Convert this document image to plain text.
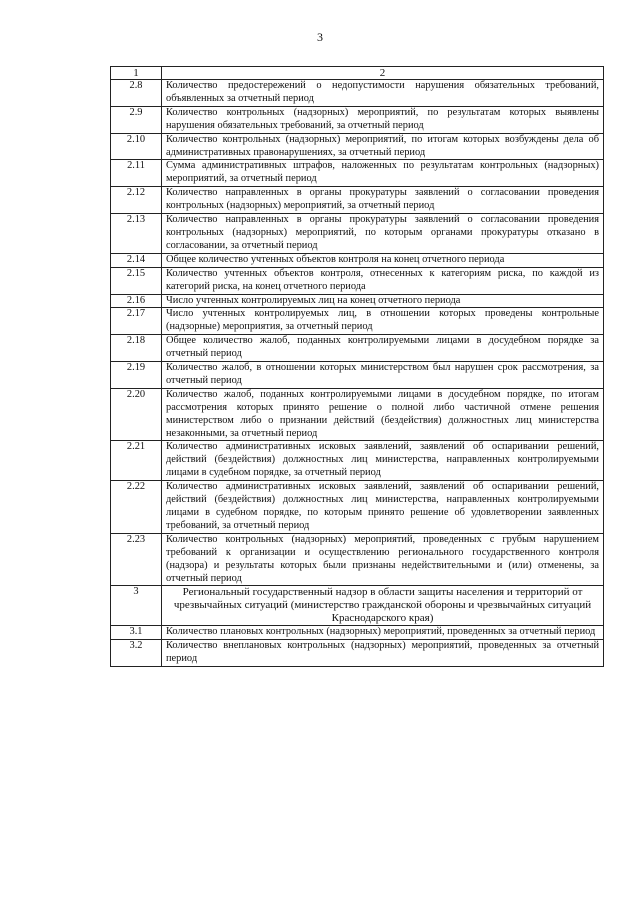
3
1	2
2.8	Количество предостережений о недопустимости нарушения обязательных требований, объявленных за отчетный период
2.9	Количество контрольных (надзорных) мероприятий, по результатам которых выявлены нарушения обязательных требований, за отчетный период
2.10	Количество контрольных (надзорных) мероприятий, по итогам которых возбуждены дела об административных правонарушениях, за отчетный период
2.11	Сумма административных штрафов, наложенных по результатам контрольных (надзорных) мероприятий, за отчетный период
2.12	Количество направленных в органы прокуратуры заявлений о согласовании проведения контрольных (надзорных) мероприятий, за отчетный период
2.13	Количество направленных в органы прокуратуры заявлений о согласовании проведения контрольных (надзорных) мероприятий, по которым органами прокуратуры отказано в согласовании, за отчетный период
2.14	Общее количество учтенных объектов контроля на конец отчетного периода
2.15	Количество учтенных объектов контроля, отнесенных к категориям риска, по каждой из категорий риска, на конец отчетного периода
2.16	Число учтенных контролируемых лиц на конец отчетного периода
2.17	Число учтенных контролируемых лиц, в отношении которых проведены контрольные (надзорные) мероприятия, за отчетный период
2.18	Общее количество жалоб, поданных контролируемыми лицами в досудебном порядке за отчетный период
2.19	Количество жалоб, в отношении которых министерством был нарушен срок рассмотрения, за отчетный период
2.20	Количество жалоб, поданных контролируемыми лицами в досудебном порядке, по итогам рассмотрения которых принято решение о полной либо частичной отмене решения министерством либо о признании действий (бездействия) должностных лиц министерства незаконными, за отчетный период
2.21	Количество административных исковых заявлений, заявлений об оспаривании решений, действий (бездействия) должностных лиц министерства, направленных контролируемыми лицами в судебном порядке, за отчетный период
2.22	Количество административных исковых заявлений, заявлений об оспаривании решений, действий (бездействия) должностных лиц министерства, направленных контролируемыми лицами в судебном порядке, по которым принято решение об удовлетворении заявленных требований, за отчетный период
2.23	Количество контрольных (надзорных) мероприятий, проведенных с грубым нарушением требований к организации и осуществлению регионального государственного контроля (надзора) и результаты которых были признаны недействительными и (или) отменены, за отчетный период
3	Региональный государственный надзор в области защиты населения и территорий от чрезвычайных ситуаций (министерство гражданской обороны и чрезвычайных ситуаций Краснодарского края)
3.1	Количество плановых контрольных (надзорных) мероприятий, проведенных за отчетный период
3.2	Количество внеплановых контрольных (надзорных) мероприятий, проведенных за отчетный период
